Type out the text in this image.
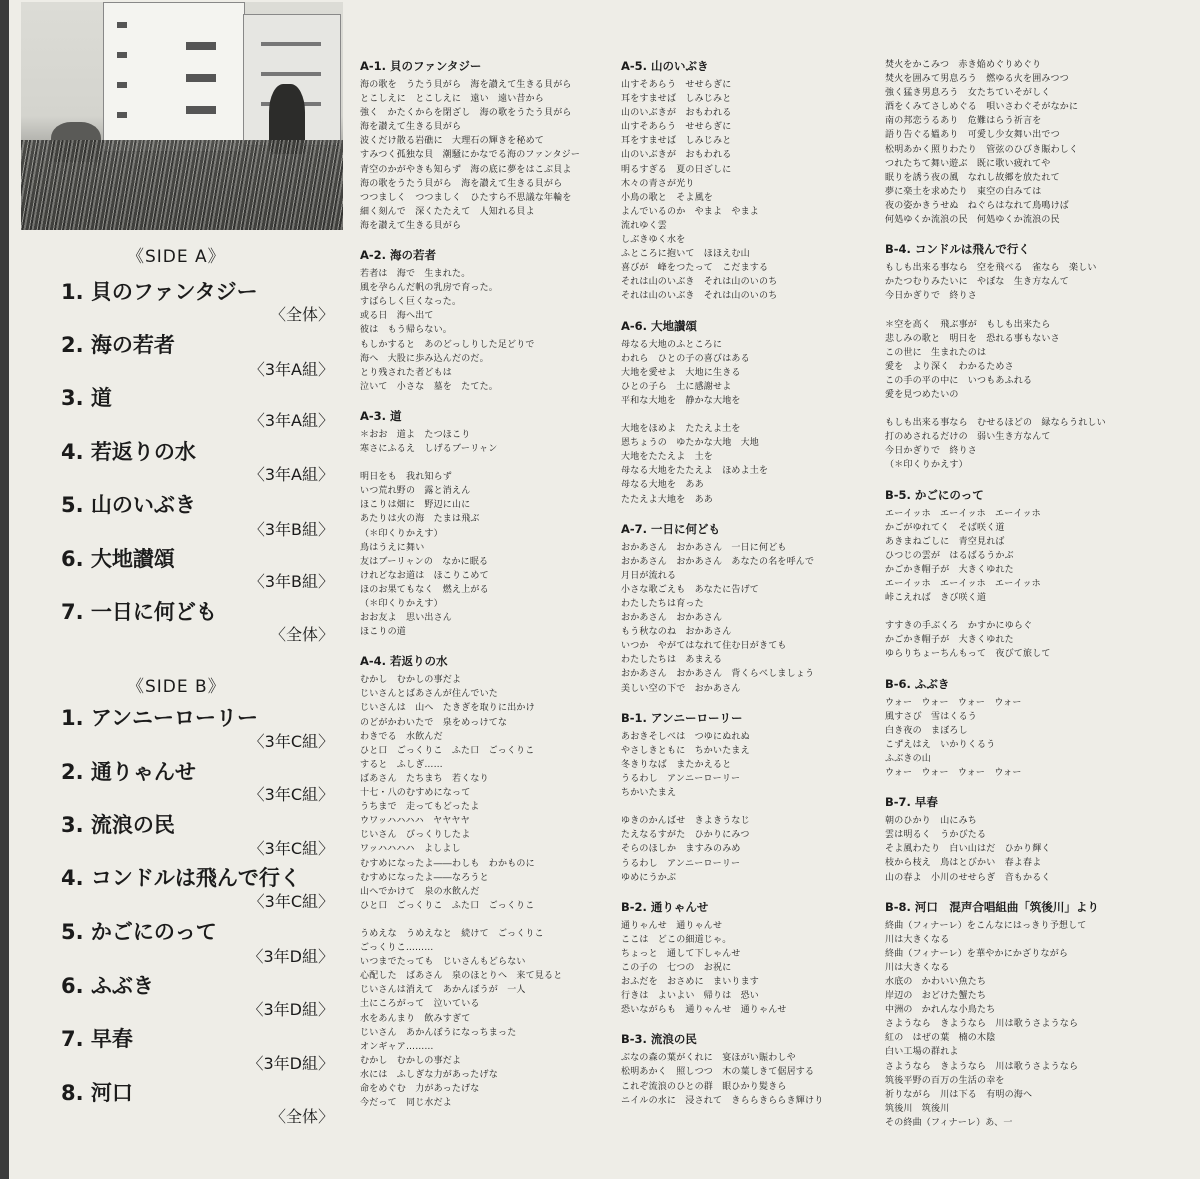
《SIDE A》
1. 貝のファンタジー
〈全体〉
2. 海の若者
〈3年A組〉
3. 道
〈3年A組〉
4. 若返りの水
〈3年A組〉
5. 山のいぶき
〈3年B組〉
6. 大地讃頌
〈3年B組〉
7. 一日に何ども
〈全体〉
《SIDE B》
1. アンニーローリー
〈3年C組〉
2. 通りゃんせ
〈3年C組〉
3. 流浪の民
〈3年C組〉
4. コンドルは飛んで行く
〈3年C組〉
5. かごにのって
〈3年D組〉
6. ふぶき
〈3年D組〉
7. 早春
〈3年D組〉
8. 河口
〈全体〉
A-1. 貝のファンタジー
海の歌を　うたう貝がら　海を讃えて生きる貝がら
とこしえに　とこしえに　遠い　遠い昔から
強く　かたくからを閉ざし　海の歌をうたう貝がら
海を讃えて生きる貝がら
波くだけ散る岩礁に　大理石の輝きを秘めて
すみつく孤独な貝　潮騒にかなでる海のファンタジー
青空のかがやきも知らず　海の底に夢をはこぶ貝よ
海の歌をうたう貝がら　海を讃えて生きる貝がら
つつましく　つつましく　ひたすら不思議な年輪を
細く刻んで　深くたたえて　人知れる貝よ
海を讃えて生きる貝がら
A-2. 海の若者
若者は　海で　生まれた。
風を孕らんだ帆の乳房で育った。
すばらしく巨くなった。
或る日　海へ出て
彼は　もう帰らない。
もしかすると　あのどっしりした足どりで
海へ　大股に歩み込んだのだ。
とり残された者どもは
泣いて　小さな　墓を　たてた。
A-3. 道
＊おお　道よ　たつほこり
寒さにふるえ　しげるブーリャン
明日をも　我れ知らず
いつ荒れ野の　露と消えん
ほこりは畑に　野辺に山に
あたりは火の海　たまは飛ぶ
（＊印くりかえす）
鳥はうえに舞い
友はブーリャンの　なかに眠る
けれどなお道は　ほこりこめて
ほのお果てもなく　燃え上がる
（＊印くりかえす）
おお友よ　思い出さん
ほこりの道
A-4. 若返りの水
むかし　むかしの事だよ
じいさんとばあさんが住んでいた
じいさんは　山へ　たきぎを取りに出かけ
のどがかわいたで　泉をめっけてな
わきでる　水飲んだ
ひと口　ごっくりこ　ふた口　ごっくりこ
すると　ふしぎ……
ばあさん　たちまち　若くなり
十七・八のむすめになって
うちまで　走ってもどったよ
ウワッハハハハ　ヤヤヤヤ
じいさん　びっくりしたよ
ワッハハハハ　よしよし
むすめになったよ――わしも　わかものに
むすめになったよ――なろうと
山へでかけて　泉の水飲んだ
ひと口　ごっくりこ　ふた口　ごっくりこ
うめえな　うめえなと　続けて　ごっくりこ
ごっくりこ………
いつまでたっても　じいさんもどらない
心配した　ばあさん　泉のほとりへ　来て見ると
じいさんは消えて　あかんぼうが　一人
土にころがって　泣いている
水をあんまり　飲みすぎて
じいさん　あかんぼうになっちまった
オンギャア………
むかし　むかしの事だよ
水には　ふしぎな力があったげな
命をめぐむ　力があったげな
今だって　同じ水だよ
A-5. 山のいぶき
山すそあらう　せせらぎに
耳をすませば　しみじみと
山のいぶきが　おもわれる
山すそあらう　せせらぎに
耳をすませば　しみじみと
山のいぶきが　おもわれる
明るすぎる　夏の日ざしに
木々の青さが光り
小鳥の歌と　そよ風を
よんでいるのか　やまよ　やまよ
流れゆく雲
しぶきゆく水を
ふところに抱いて　ほほえむ山
喜びが　峰をつたって　こだまする
それは山のいぶき　それは山のいのち
それは山のいぶき　それは山のいのち
A-6. 大地讃頌
母なる大地のふところに
われら　ひとの子の喜びはある
大地を愛せよ　大地に生きる
ひとの子ら　土に感謝せよ
平和な大地を　静かな大地を
大地をほめよ　たたえよ土を
恩ちょうの　ゆたかな大地　大地
大地をたたえよ　土を
母なる大地をたたえよ　ほめよ土を
母なる大地を　ああ
たたえよ大地を　ああ
A-7. 一日に何ども
おかあさん　おかあさん　一日に何ども
おかあさん　おかあさん　あなたの名を呼んで
月日が流れる
小さな歌ごえも　あなたに告げて
わたしたちは育った
おかあさん　おかあさん
もう秋なのね　おかあさん
いつか　やがてはなれて住む日がきても
わたしたちは　あまえる
おかあさん　おかあさん　背くらべしましょう
美しい空の下で　おかあさん
B-1. アンニーローリー
あおきそしべは　つゆにぬれぬ
やさしきともに　ちかいたまえ
冬きりなば　またかえると
うるわし　アンニーローリー
ちかいたまえ
ゆきのかんばせ　きよきうなじ
たえなるすがた　ひかりにみつ
そらのほしか　ますみのみめ
うるわし　アンニーローリー
ゆめにうかぶ
B-2. 通りゃんせ
通りゃんせ　通りゃんせ
ここは　どこの細道じゃ。
ちょっと　通して下しゃんせ
この子の　七つの　お祝に
おふだを　おさめに　まいります
行きは　よいよい　帰りは　恐い
恐いながらも　通りゃんせ　通りゃんせ
B-3. 流浪の民
ぶなの森の葉がくれに　宴ほがい賑わしや
松明あかく　照しつつ　木の葉しきて倨居する
これぞ流浪のひとの群　眼ひかり髪きら
ニイルの水に　浸されて　きららきららき輝けり
焚火をかこみつ　赤き焔めぐりめぐり
焚火を囲みて男息ろう　燃ゆる火を囲みつつ
強く猛き男息ろう　女たちていそがしく
酒をくみてさしめぐる　唄いさわぐそがなかに
南の邦恋うるあり　危難はらう祈言を
語り告ぐる媼あり　可愛し少女舞い出でつ
松明あかく照りわたり　管弦のひびき賑わしく
つれたちて舞い遊ぶ　既に歌い疲れてや
眠りを誘う夜の風　なれし故郷を放たれて
夢に楽土を求めたり　東空の白みては
夜の姿かきうせぬ　ねぐらはなれて鳥鳴けば
何処ゆくか流浪の民　何処ゆくか流浪の民
B-4. コンドルは飛んで行く
もしも出来る事なら　空を飛べる　雀なら　楽しい
かたつむりみたいに　やぼな　生き方なんて
今日かぎりで　終りさ
＊空を高く　飛ぶ事が　もしも出来たら
悲しみの歌と　明日を　恐れる事もないさ
この世に　生まれたのは
愛を　より深く　わかるためさ
この手の平の中に　いつもあふれる
愛を見つめたいの
もしも出来る事なら　むせるほどの　緑ならうれしい
打のめされるだけの　弱い生き方なんて
今日かぎりで　終りさ
（＊印くりかえす）
B-5. かごにのって
エーイッホ　エーイッホ　エーイッホ
かごがゆれてく　そば咲く道
あきまねごしに　青空見れば
ひつじの雲が　はるばるうかぶ
かごかき帽子が　大きくゆれた
エーイッホ　エーイッホ　エーイッホ
峠こえれば　きび咲く道
すすきの手ぶくろ　かすかにゆらぐ
かごかき帽子が　大きくゆれた
ゆらりちょーちんもって　夜びて旅して
B-6. ふぶき
ウォー　ウォー　ウォー　ウォー
風すさび　雪はくるう
白き夜の　まぼろし
こずえはえ　いかりくるう
ふぶきの山
ウォー　ウォー　ウォー　ウォー
B-7. 早春
朝のひかり　山にみち
雲は明るく　うかびたる
そよ風わたり　白い山はだ　ひかり輝く
枝から枝え　鳥はとびかい　春よ春よ
山の春よ　小川のせせらぎ　音もかるく
B-8. 河口　混声合唱組曲「筑後川」より
終曲（フィナーレ）をこんなにはっきり予想して
川は大きくなる
終曲（フィナーレ）を華やかにかざりながら
川は大きくなる
水底の　かわいい魚たち
岸辺の　おどけた蟹たち
中洲の　かれんな小鳥たち
さようなら　きようなら　川は歌うさようなら
紅の　はぜの葉　楠の木陰
白い工場の群れよ
さようなら　きようなら　川は歌うさようなら
筑後平野の百万の生活の幸を
祈りながら　川は下る　有明の海へ
筑後川　筑後川
その終曲（フィナーレ）あ、一
